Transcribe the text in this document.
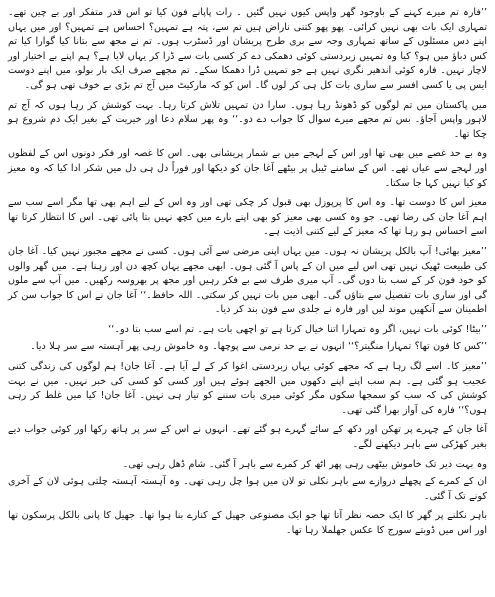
’’فارہ تم میرے کہنے کے باوجود گھر واپس کیوں نہیں گئیں ۔ رات پاپانے فون کیا تو اس قدر متفکر اور بے چین تھے۔ تمہاری ایک بات بھی نہیں کرائی۔ پھو پھو کتنی ناراض ہیں تم سے، پتہ ہے تمہیں؟ احساس ہے تمہیں؟ اور میں یہاں اپنے دس مسئلوں کے ساتھ تمہاری وجہ سے بری طرح پریشان اور ڈسٹرب ہوں۔ تم نے مجھ سے بتانا کیا گوارا کیا تم کس دباؤ میں ہو؟ کیا وہ تمہیں زبردستی کوئی دھمکی دے کر کسی بات سے ڈرا کر یہاں لایا ہے؟ ہم اپنے بے اختیار اور لاچار نہیں۔ فارہ کوئی اندھیر نگری نہیں ہے جو تمہیں ڈرا دھمکا سکے۔ تم مجھے صرف ایک بار بولو، میں اپنے دوست ایس پی یا کسی افسر سے ساری بات کل ہی کر لوں گا۔ اس کو کہ مارکیٹ میں آج تم بڑی بے خوف تھی ہو گی۔

میں پاکستان میں تم لوگوں کو ڈھونڈ رہا ہوں۔ سارا دن تمہیں تلاش کرتا رہا۔ بہت کوشش کر رہا ہوں کہ آج تم لاہور واپس آجاؤ۔ بس تم مجھے میرے سوال کا جواب دے دو۔‘‘ وہ پھر سلام دعا اور خیریت کے بغیر ایک دم شروع ہو چکا تھا۔

وہ بے حد غصے میں بھی تھا اور اس کے لہجے میں بے شمار پریشانی بھی۔ اس کا غصہ اور فکر دونوں اس کے لفظوں اور لہجے سے عیاں تھے۔ اس کے سامنے ٹیبل پر بیٹھے آغا جان کو دیکھا اور فوراً دل ہی دل میں شکر ادا کیا کہ وہ معیز کو کیا نہیں کہا جا سکتا۔

معیز اس کا دوست تھا۔ وہ اس کا پرپوزل بھی قبول کر چکی تھی اور وہ اس کے لیے اہم بھی تھا مگر اسے سب سے اہم آغا جان کی رضا تھی۔ جو وہ کسی بھی معیز کو بھی اپنے بارے میں کچھ نہیں بتا پائی تھی۔ اس کا انتظار کرتا تھا اسے احساس ہو رہا تھا کہ معیز کے لیے کتنی اذیت ہے۔

’’معیز بھائی! آپ بالکل پریشان نہ ہوں۔ میں یہاں اپنی مرضی سے آئی ہوں۔ کسی نے مجھے مجبور نہیں کیا۔ آغا جان کی طبیعت ٹھیک نہیں تھی اس لیے میں ان کے پاس آ گئی ہوں۔ ابھی مجھے یہاں کچھ دن اور رہنا ہے۔ میں گھر والوں کو خود فون کر کے سب بتا دوں گی۔ آپ میری طرف سے بے فکر رہیں اور مجھ پر بھروسہ رکھیں۔ میں آپ سے ملوں گی اور ساری بات تفصیل سے بتاؤں گی۔ ابھی میں بات نہیں کر سکتی۔ اللہ حافظ۔‘‘ آغا جان نے اس کا جواب سن کر اطمینان سے آنکھیں موند لیں اور فارہ نے جلدی سے فون بند کر دیا۔

’’بیٹا! کوئی بات نہیں، اگر وہ تمہارا اتنا خیال کرتا ہے تو اچھی بات ہے۔ تم اسے سب بتا دو۔‘‘

’’کس کا فون تھا؟ تمہارا منگیتر؟‘‘ انہوں نے بے حد نرمی سے پوچھا۔ وہ خاموش رہی پھر آہستہ سے سر ہلا دیا۔

’’معیز کا۔ اسے لگ رہا ہے کہ مجھے کوئی یہاں زبردستی اغوا کر کے لے آیا ہے۔ آغا جان! ہم لوگوں کی زندگی کتنی عجیب ہو گئی ہے۔ ہم سب اپنے اپنے دکھوں میں الجھے ہوئے ہیں اور کسی کو کسی کی خبر نہیں۔ میں نے بہت کوشش کی کہ سب کو سمجھا سکوں مگر کوئی میری بات سننے کو تیار ہی نہیں۔ آغا جان! کیا میں غلط کر رہی ہوں؟‘‘ فارہ کی آواز بھرا گئی تھی۔

آغا جان کے چہرے پر تھکن اور دکھ کے سائے گہرے ہو گئے تھے۔ انہوں نے اس کے سر پر ہاتھ رکھا اور کوئی جواب دیے بغیر کھڑکی سے باہر دیکھنے لگے۔

وہ بہت دیر تک خاموش بیٹھی رہی پھر اٹھ کر کمرے سے باہر آ گئی۔ شام ڈھل رہی تھی۔

ان کے کمرے کے پچھلے دروازے سے باہر نکلی تو لان میں ہوا چل رہی تھی۔ وہ آہستہ آہستہ چلتی ہوئی لان کے آخری کونے تک آ گئی۔

باہر نکلنے پر گھر کا ایک حصہ نظر آتا تھا جو ایک مصنوعی جھیل کے کنارے بنا ہوا تھا۔ جھیل کا پانی بالکل پرسکون تھا اور اس میں ڈوبتے سورج کا عکس جھلملا رہا تھا۔
